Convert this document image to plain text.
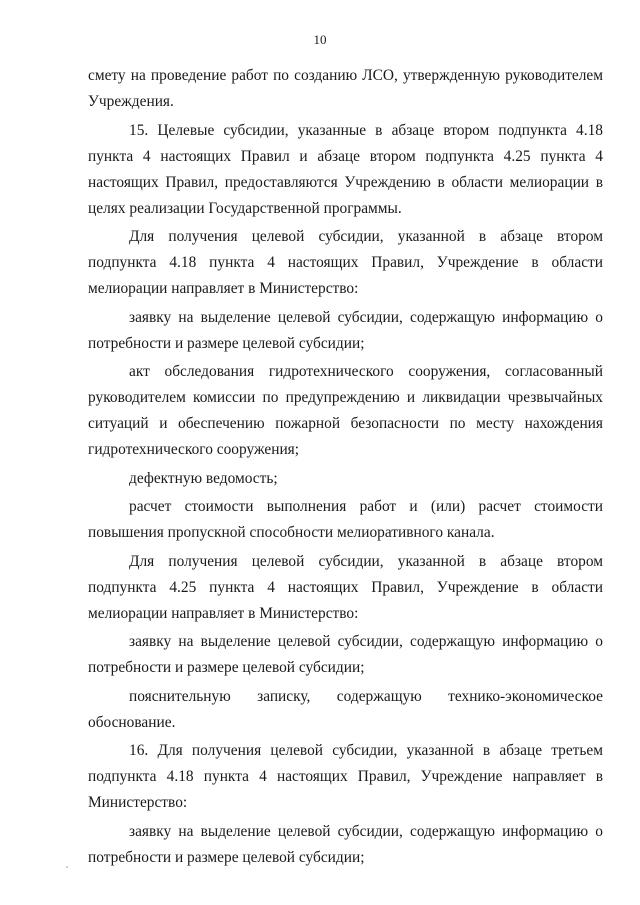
10

смету на проведение работ по созданию ЛСО, утвержденную руководителем Учреждения.

15. Целевые субсидии, указанные в абзаце втором подпункта 4.18 пункта 4 настоящих Правил и абзаце втором подпункта 4.25 пункта 4 настоящих Правил, предоставляются Учреждению в области мелиорации в целях реализации Государственной программы.

Для получения целевой субсидии, указанной в абзаце втором подпункта 4.18 пункта 4 настоящих Правил, Учреждение в области мелиорации направляет в Министерство:

заявку на выделение целевой субсидии, содержащую информацию о потребности и размере целевой субсидии;

акт обследования гидротехнического сооружения, согласованный руководителем комиссии по предупреждению и ликвидации чрезвычайных ситуаций и обеспечению пожарной безопасности по месту нахождения гидротехнического сооружения;

дефектную ведомость;

расчет стоимости выполнения работ и (или) расчет стоимости повышения пропускной способности мелиоративного канала.

Для получения целевой субсидии, указанной в абзаце втором подпункта 4.25 пункта 4 настоящих Правил, Учреждение в области мелиорации направляет в Министерство:

заявку на выделение целевой субсидии, содержащую информацию о потребности и размере целевой субсидии;

пояснительную записку, содержащую технико-экономическое обоснование.

16. Для получения целевой субсидии, указанной в абзаце третьем подпункта 4.18 пункта 4 настоящих Правил, Учреждение направляет в Министерство:

заявку на выделение целевой субсидии, содержащую информацию о потребности и размере целевой субсидии;
